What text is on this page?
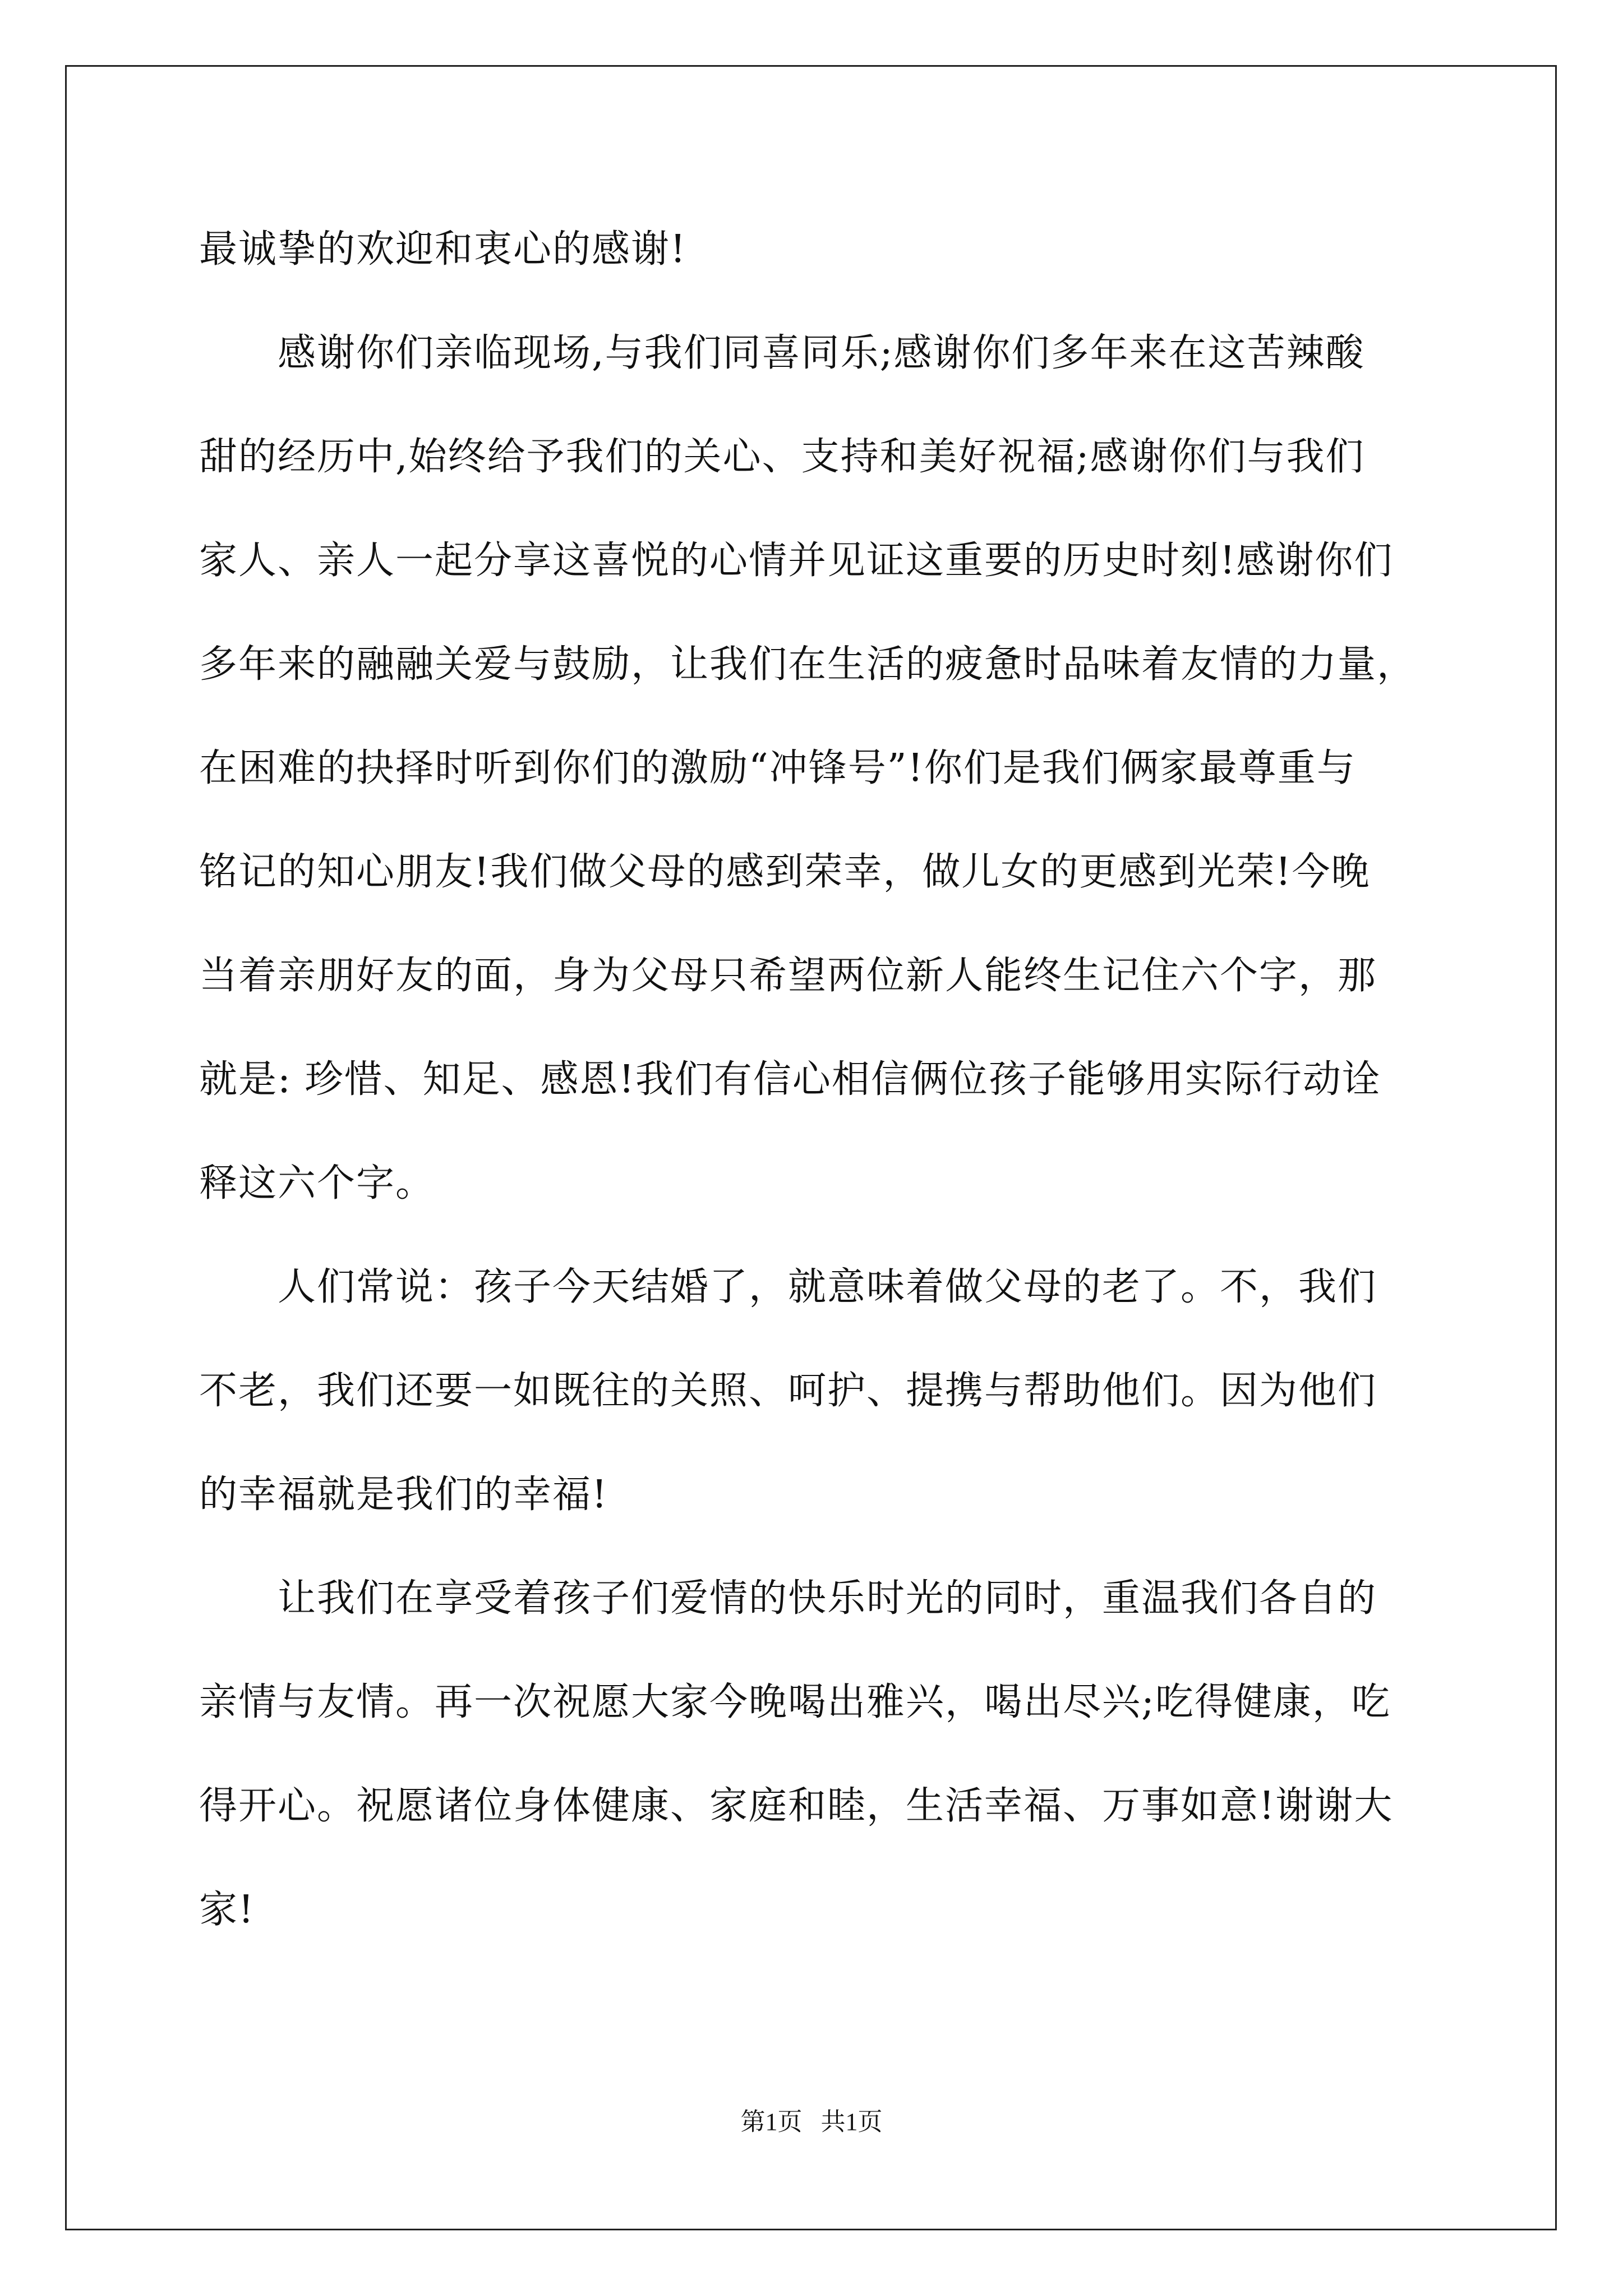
最诚挚的欢迎和衷心的感谢!
感谢你们亲临现场,与我们同喜同乐;感谢你们多年来在这苦辣酸
甜的经历中,始终给予我们的关心、支持和美好祝福;感谢你们与我们
家人、亲人一起分享这喜悦的心情并见证这重要的历史时刻!感谢你们
多年来的融融关爱与鼓励，让我们在生活的疲惫时品味着友情的力量，
在困难的抉择时听到你们的激励“冲锋号”!你们是我们俩家最尊重与
铭记的知心朋友!我们做父母的感到荣幸，做儿女的更感到光荣!今晚
当着亲朋好友的面，身为父母只希望两位新人能终生记住六个字，那
就是: 珍惜、知足、感恩!我们有信心相信俩位孩子能够用实际行动诠
释这六个字。
人们常说：孩子今天结婚了，就意味着做父母的老了。不，我们
不老，我们还要一如既往的关照、呵护、提携与帮助他们。因为他们
的幸福就是我们的幸福!
让我们在享受着孩子们爱情的快乐时光的同时，重温我们各自的
亲情与友情。再一次祝愿大家今晚喝出雅兴，喝出尽兴;吃得健康，吃
得开心。祝愿诸位身体健康、家庭和睦，生活幸福、万事如意!谢谢大
家!
第1页   共1页
